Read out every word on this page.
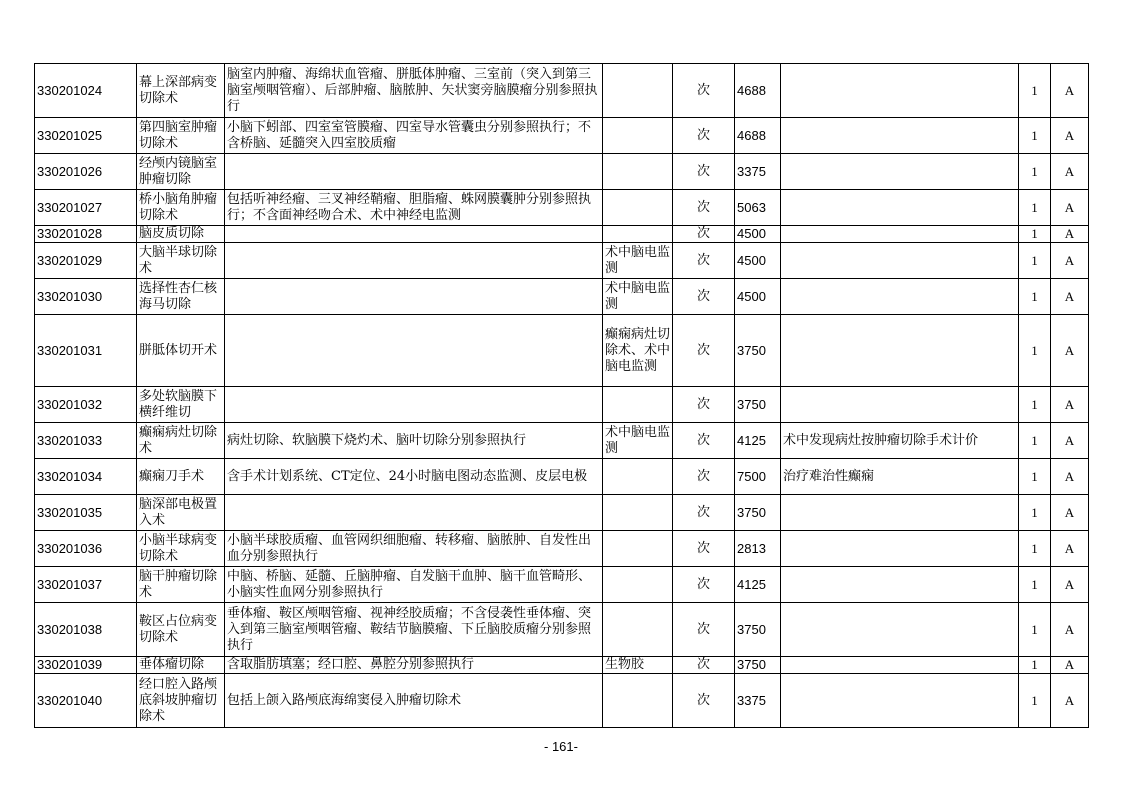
330201024	幕上深部病变切除术	脑室内肿瘤、海绵状血管瘤、胼胝体肿瘤、三室前（突入到第三脑室颅咽管瘤）、后部肿瘤、脑脓肿、矢状窦旁脑膜瘤分别参照执行		次	4688		1	A
330201025	第四脑室肿瘤切除术	小脑下蚓部、四室室管膜瘤、四室导水管囊虫分别参照执行；不含桥脑、延髓突入四室胶质瘤		次	4688		1	A
330201026	经颅内镜脑室肿瘤切除			次	3375		1	A
330201027	桥小脑角肿瘤切除术	包括听神经瘤、三叉神经鞘瘤、胆脂瘤、蛛网膜囊肿分别参照执行；不含面神经吻合术、术中神经电监测		次	5063		1	A
330201028	脑皮质切除			次	4500		1	A
330201029	大脑半球切除术		术中脑电监测	次	4500		1	A
330201030	选择性杏仁核海马切除		术中脑电监测	次	4500		1	A
330201031	胼胝体切开术		癫痫病灶切除术、术中脑电监测	次	3750		1	A
330201032	多处软脑膜下横纤维切			次	3750		1	A
330201033	癫痫病灶切除术	病灶切除、软脑膜下烧灼术、脑叶切除分别参照执行	术中脑电监测	次	4125	术中发现病灶按肿瘤切除手术计价	1	A
330201034	癫痫刀手术	含手术计划系统、CT定位、24小时脑电图动态监测、皮层电极		次	7500	治疗难治性癫痫	1	A
330201035	脑深部电极置入术			次	3750		1	A
330201036	小脑半球病变切除术	小脑半球胶质瘤、血管网织细胞瘤、转移瘤、脑脓肿、自发性出血分别参照执行		次	2813		1	A
330201037	脑干肿瘤切除术	中脑、桥脑、延髓、丘脑肿瘤、自发脑干血肿、脑干血管畸形、小脑实性血网分别参照执行		次	4125		1	A
330201038	鞍区占位病变切除术	垂体瘤、鞍区颅咽管瘤、视神经胶质瘤；不含侵袭性垂体瘤、突入到第三脑室颅咽管瘤、鞍结节脑膜瘤、下丘脑胶质瘤分别参照执行		次	3750		1	A
330201039	垂体瘤切除	含取脂肪填塞；经口腔、鼻腔分别参照执行	生物胶	次	3750		1	A
330201040	经口腔入路颅底斜坡肿瘤切除术	包括上颌入路颅底海绵窦侵入肿瘤切除术		次	3375		1	A
- 161-
